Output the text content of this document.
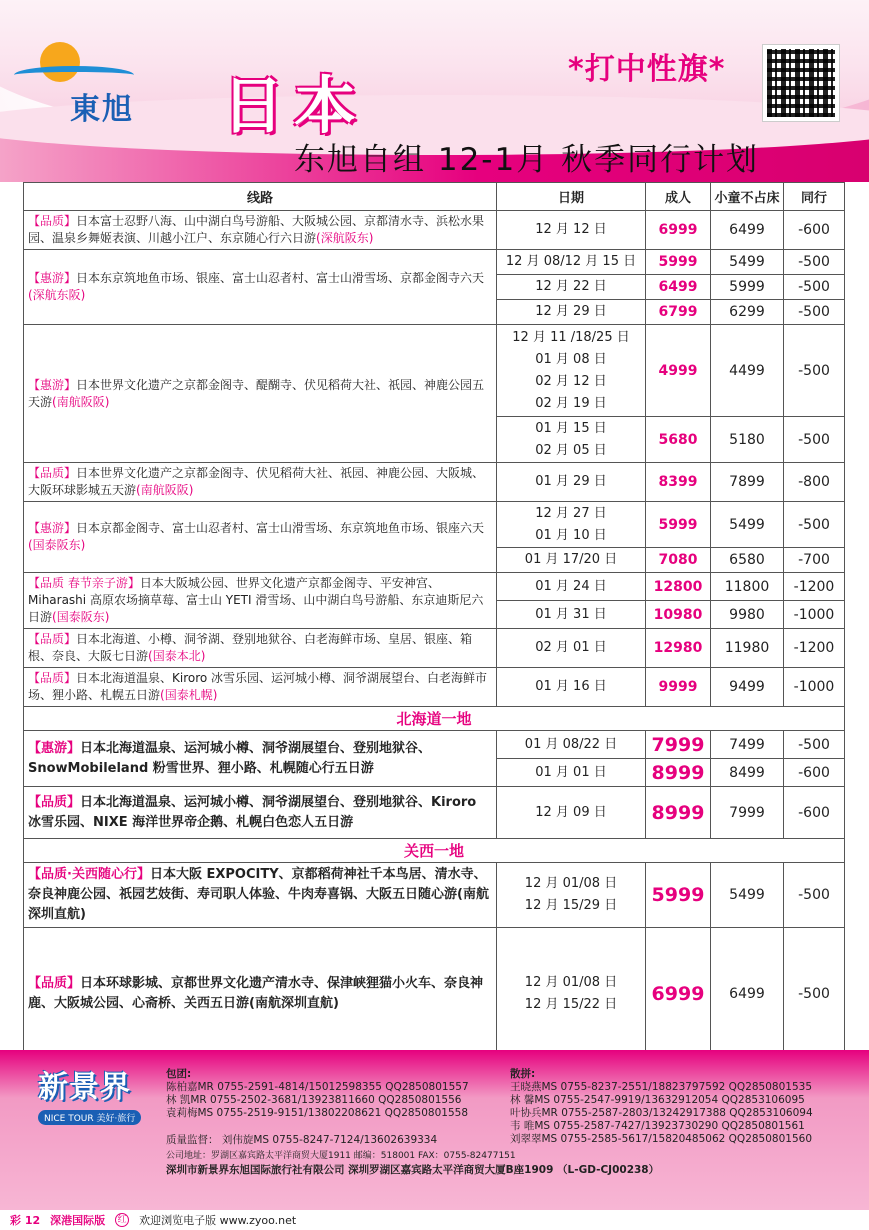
東旭 日本	*打中性旗*
东旭自组 12-1月 秋季同行计划
线路	日期	成人	小童不占床	同行
【品质】日本富士忍野八海、山中湖白鸟号游船、大阪城公园、京都清水寺、浜松水果园、温泉乡舞姬表演、川越小江户、东京随心行六日游(深航阪东)	12 月 12 日	6999	6499	-600
【惠游】日本东京筑地鱼市场、银座、富士山忍者村、富士山滑雪场、京都金阁寺六天(深航东阪)	12 月 08/12 月 15 日	5999	5499	-500

	12 月 22 日	6499	5999	-500

	12 月 29 日	6799	6299	-500
【惠游】日本世界文化遗产之京都金阁寺、醍醐寺、伏见稻荷大社、祇园、神鹿公园五天游(南航阪阪)	12 月 11 /18/25 日
01 月 08 日
02 月 12 日
02 月 19 日	4999	4499	-500

	01 月 15 日
02 月 05 日	5680	5180	-500
【品质】日本世界文化遗产之京都金阁寺、伏见稻荷大社、祇园、神鹿公园、大阪城、大阪环球影城五天游(南航阪阪)	01 月 29 日	8399	7899	-800
【惠游】日本京都金阁寺、富士山忍者村、富士山滑雪场、东京筑地鱼市场、银座六天(国泰阪东)	12 月 27 日
01 月 10 日	5999	5499	-500

	01 月 17/20 日	7080	6580	-700
【品质 春节亲子游】日本大阪城公园、世界文化遗产京都金阁寺、平安神宫、Miharashi 高原农场摘草莓、富士山 YETI 滑雪场、山中湖白鸟号游船、东京迪斯尼六日游(国泰阪东)	01 月 24 日	12800	11800	-1200

	01 月 31 日	10980	9980	-1000
【品质】日本北海道、小樽、洞爷湖、登别地狱谷、白老海鲜市场、皇居、银座、箱根、奈良、大阪七日游(国泰本北)	02 月 01 日	12980	11980	-1200
【品质】日本北海道温泉、Kiroro 冰雪乐园、运河城小樽、洞爷湖展望台、白老海鲜市场、狸小路、札幌五日游(国泰札幌)	01 月 16 日	9999	9499	-1000
北海道一地				
【惠游】日本北海道温泉、运河城小樽、洞爷湖展望台、登别地狱谷、SnowMobileland 粉雪世界、狸小路、札幌随心行五日游	01 月 08/22 日	7999	7499	-500

	01 月 01 日	8999	8499	-600
【品质】日本北海道温泉、运河城小樽、洞爷湖展望台、登别地狱谷、Kiroro 冰雪乐园、NIXE 海洋世界帝企鹅、札幌白色恋人五日游	12 月 09 日	8999	7999	-600
关西一地				
【品质·关西随心行】日本大阪 EXPOCITY、京都稻荷神社千本鸟居、清水寺、奈良神鹿公园、祇园艺妓街、寿司职人体验、牛肉寿喜锅、大阪五日随心游(南航深圳直航)	12 月 01/08 日
12 月 15/29 日	5999	5499	-500
【品质】日本环球影城、京都世界文化遗产清水寺、保津峡狸猫小火车、奈良神鹿、大阪城公园、心斋桥、关西五日游(南航深圳直航)	12 月 01/08 日
12 月 15/22 日	6999	6499	-500
新景界
NICE TOUR 美好·旅行
包团:
陈柏嘉MR 0755-2591-4814/15012598355 QQ2850801557
林 凯MR 0755-2502-3681/13923811660 QQ2850801556
袁莉梅MS 0755-2519-9151/13802208621 QQ2850801558
散拼:
王晓燕MS 0755-8237-2551/18823797592 QQ2850801535
林 馨MS 0755-2547-9919/13632912054 QQ2853106095
叶协兵MR 0755-2587-2803/13242917388 QQ2853106094
韦 唯MS 0755-2587-7427/13923730290 QQ2850801561
刘翠翠MS 0755-2585-5617/15820485062 QQ2850801560
质量监督： 刘伟旋MS 0755-8247-7124/13602639334
公司地址：罗湖区嘉宾路太平洋商贸大厦1911 邮编：518001 FAX：0755-82477151
深圳市新景界东旭国际旅行社有限公司 深圳罗湖区嘉宾路太平洋商贸大厦B座1909 （L-GD-CJ00238）
彩 12 深港国际版 红 欢迎浏览电子版 www.zyoo.net
